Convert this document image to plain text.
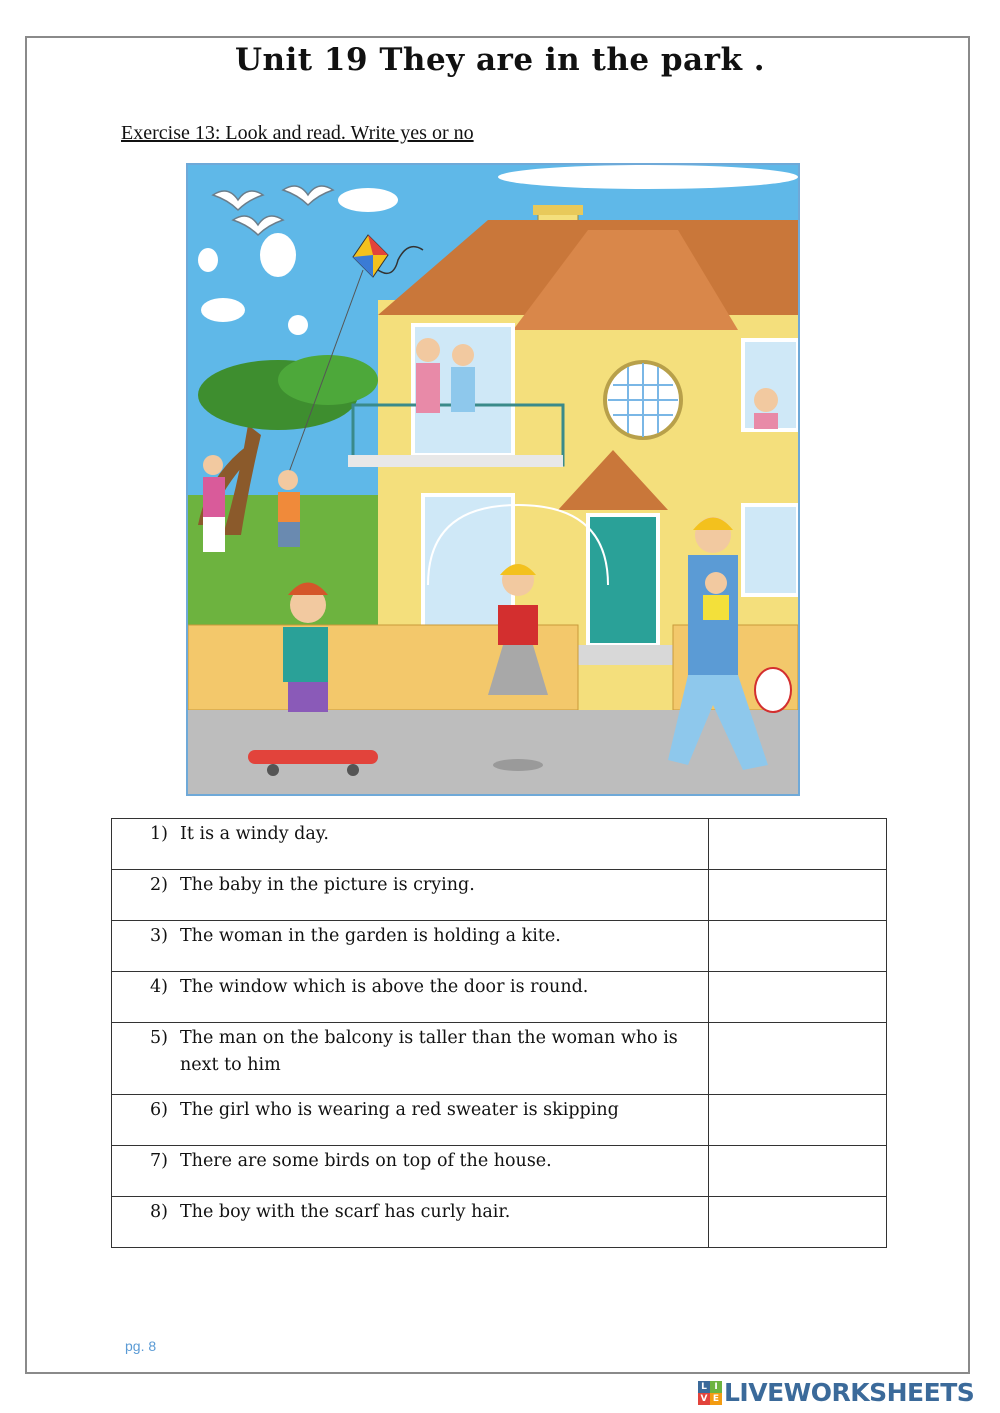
Unit 19 They are in the park .
Exercise 13: Look and read. Write yes or no
1) It is a windy day.	

2) The baby in the picture is crying.	

3) The woman in the garden is holding a kite.	

4) The window which is above the door is round.	

5) The man on the balcony is taller than the woman who is next to him	

6) The girl who is wearing a red sweater is skipping	

7) There are some birds on top of the house.	

8) The boy with the scarf has curly hair.	

pg. 8
L I
V E LIVEWORKSHEETS
